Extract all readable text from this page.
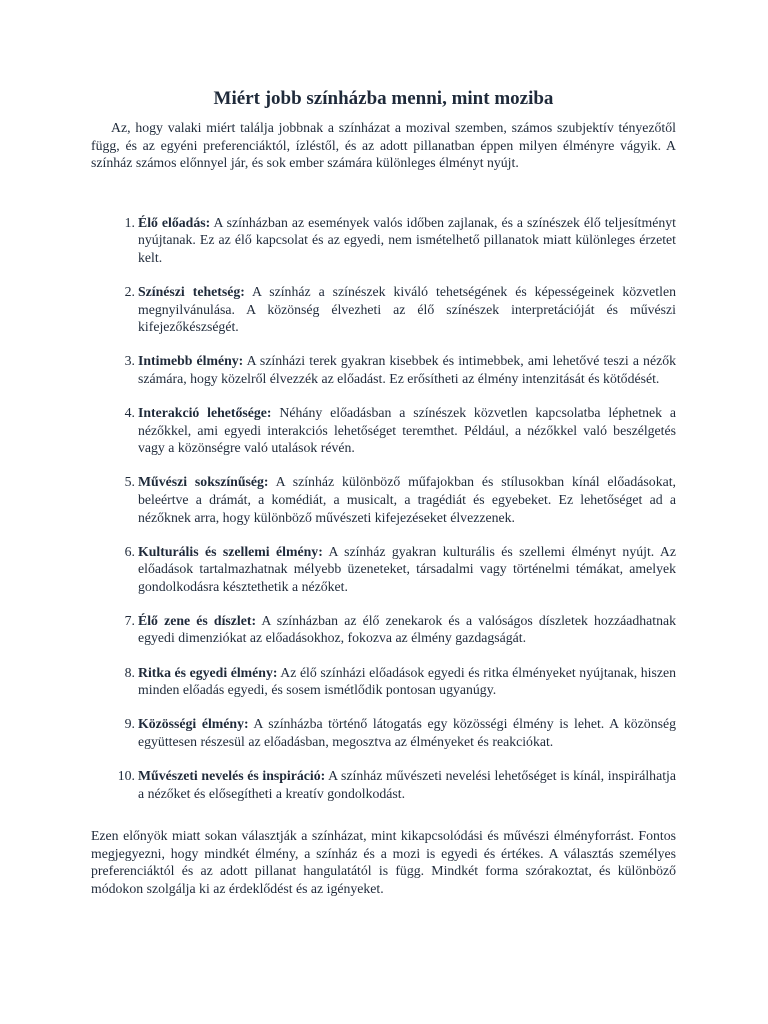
Miért jobb színházba menni, mint moziba

Az, hogy valaki miért találja jobbnak a színházat a mozival szemben, számos szubjektív tényezőtől függ, és az egyéni preferenciáktól, ízléstől, és az adott pillanatban éppen milyen élményre vágyik. A színház számos előnnyel jár, és sok ember számára különleges élményt nyújt.

1. Élő előadás: A színházban az események valós időben zajlanak, és a színészek élő teljesítményt nyújtanak. Ez az élő kapcsolat és az egyedi, nem ismételhető pillanatok miatt különleges érzetet kelt.
2. Színészi tehetség: A színház a színészek kiváló tehetségének és képességeinek közvetlen megnyilvánulása. A közönség élvezheti az élő színészek interpretációját és művészi kifejezőkészségét.
3. Intimebb élmény: A színházi terek gyakran kisebbek és intimebbek, ami lehetővé teszi a nézők számára, hogy közelről élvezzék az előadást. Ez erősítheti az élmény intenzitását és kötődését.
4. Interakció lehetősége: Néhány előadásban a színészek közvetlen kapcsolatba léphetnek a nézőkkel, ami egyedi interakciós lehetőséget teremthet. Például, a nézőkkel való beszélgetés vagy a közönségre való utalások révén.
5. Művészi sokszínűség: A színház különböző műfajokban és stílusokban kínál előadásokat, beleértve a drámát, a komédiát, a musicalt, a tragédiát és egyebeket. Ez lehetőséget ad a nézőknek arra, hogy különböző művészeti kifejezéseket élvezzenek.
6. Kulturális és szellemi élmény: A színház gyakran kulturális és szellemi élményt nyújt. Az előadások tartalmazhatnak mélyebb üzeneteket, társadalmi vagy történelmi témákat, amelyek gondolkodásra késztethetik a nézőket.
7. Élő zene és díszlet: A színházban az élő zenekarok és a valóságos díszletek hozzáadhatnak egyedi dimenziókat az előadásokhoz, fokozva az élmény gazdagságát.
8. Ritka és egyedi élmény: Az élő színházi előadások egyedi és ritka élményeket nyújtanak, hiszen minden előadás egyedi, és sosem ismétlődik pontosan ugyanúgy.
9. Közösségi élmény: A színházba történő látogatás egy közösségi élmény is lehet. A közönség együttesen részesül az előadásban, megosztva az élményeket és reakciókat.
10. Művészeti nevelés és inspiráció: A színház művészeti nevelési lehetőséget is kínál, inspirálhatja a nézőket és elősegítheti a kreatív gondolkodást.

Ezen előnyök miatt sokan választják a színházat, mint kikapcsolódási és művészi élményforrást. Fontos megjegyezni, hogy mindkét élmény, a színház és a mozi is egyedi és értékes. A választás személyes preferenciáktól és az adott pillanat hangulatától is függ. Mindkét forma szórakoztat, és különböző módokon szolgálja ki az érdeklődést és az igényeket.
